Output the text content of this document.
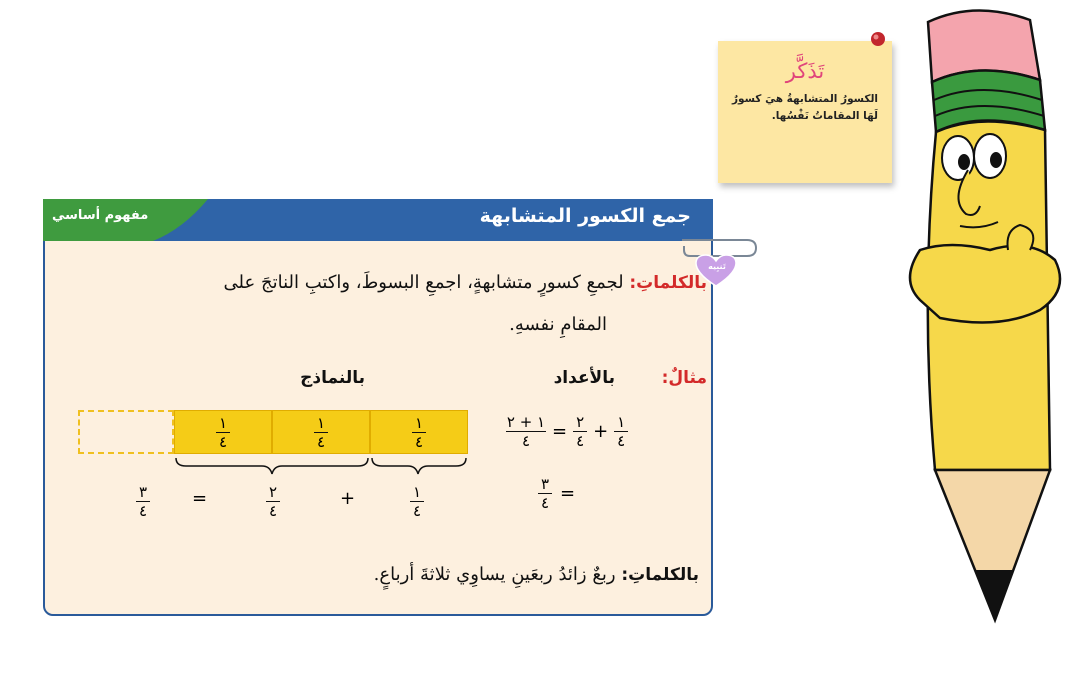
تَذَكَّر
الكسورُ المتشابهةُ هيَ كسورٌ
لَهَا المقاماتُ نَفْسُها.
جمع الكسور المتشابهة
مفهوم أساسي
تَنبِيه
بالكلماتِ: لجمعِ كسورٍ متشابهةٍ، اجمعِ البسوطَ، واكتبِ الناتجَ على
المقامِ نفسهِ.
مثالٌ:
بالأعداد
بالنماذج
$\frac{١ + ٢}{٤} = \frac{٢}{٤} + \frac{١}{٤}$
$\frac{٣}{٤}$ =
$\frac{١}{٤}$	$\frac{١}{٤}$	$\frac{١}{٤}$
$\frac{٣}{٤}$ =	$\frac{٢}{٤}$	+	$\frac{١}{٤}$
بالكلماتِ: ربعٌ زائدُ ربعَينِ يساوِي ثلاثةَ أرباعٍ.
